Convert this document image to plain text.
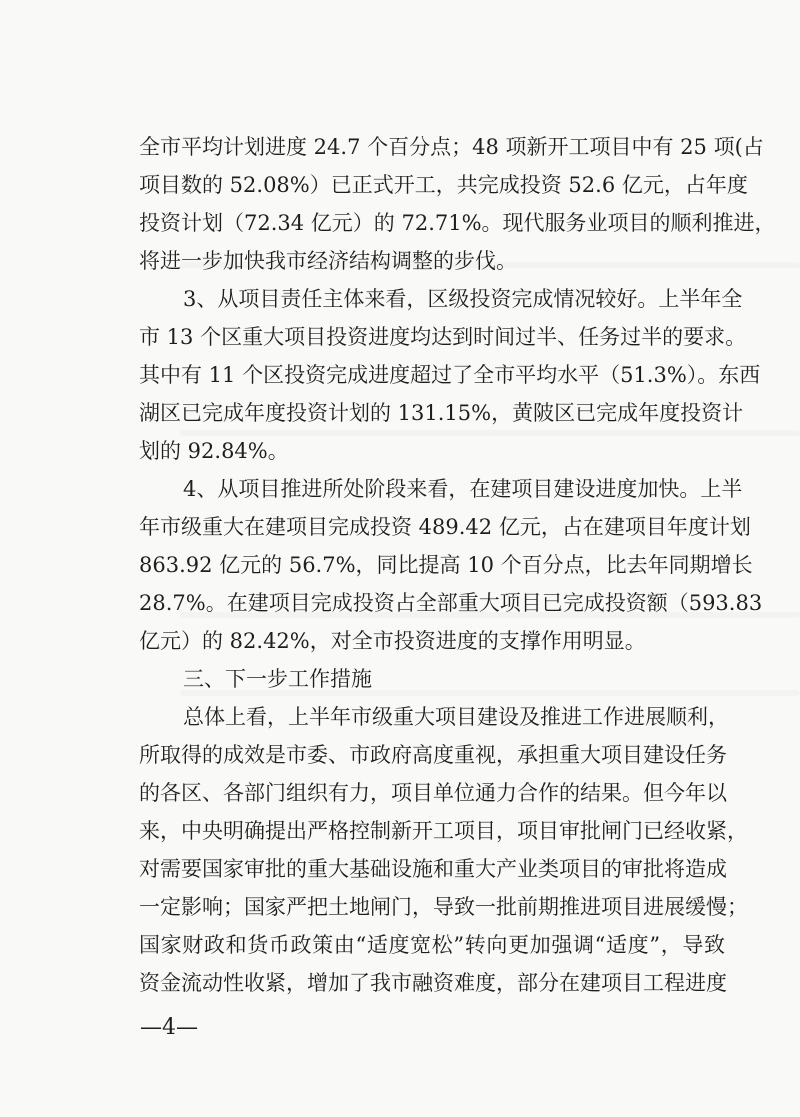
全市平均计划进度 24.7 个百分点；48 项新开工项目中有 25 项(占
项目数的 52.08%）已正式开工，共完成投资 52.6 亿元，占年度
投资计划（72.34 亿元）的 72.71%。现代服务业项目的顺利推进，
将进一步加快我市经济结构调整的步伐。
3、从项目责任主体来看，区级投资完成情况较好。上半年全
市 13 个区重大项目投资进度均达到时间过半、任务过半的要求。
其中有 11 个区投资完成进度超过了全市平均水平（51.3%）。东西
湖区已完成年度投资计划的 131.15%，黄陂区已完成年度投资计
划的 92.84%。
4、从项目推进所处阶段来看，在建项目建设进度加快。上半
年市级重大在建项目完成投资 489.42 亿元，占在建项目年度计划
863.92 亿元的 56.7%，同比提高 10 个百分点，比去年同期增长
28.7%。在建项目完成投资占全部重大项目已完成投资额（593.83
亿元）的 82.42%，对全市投资进度的支撑作用明显。
三、下一步工作措施
总体上看，上半年市级重大项目建设及推进工作进展顺利，
所取得的成效是市委、市政府高度重视，承担重大项目建设任务
的各区、各部门组织有力，项目单位通力合作的结果。但今年以
来，中央明确提出严格控制新开工项目，项目审批闸门已经收紧，
对需要国家审批的重大基础设施和重大产业类项目的审批将造成
一定影响；国家严把土地闸门，导致一批前期推进项目进展缓慢；
国家财政和货币政策由“适度宽松”转向更加强调“适度”，导致
资金流动性收紧，增加了我市融资难度，部分在建项目工程进度
—4—
